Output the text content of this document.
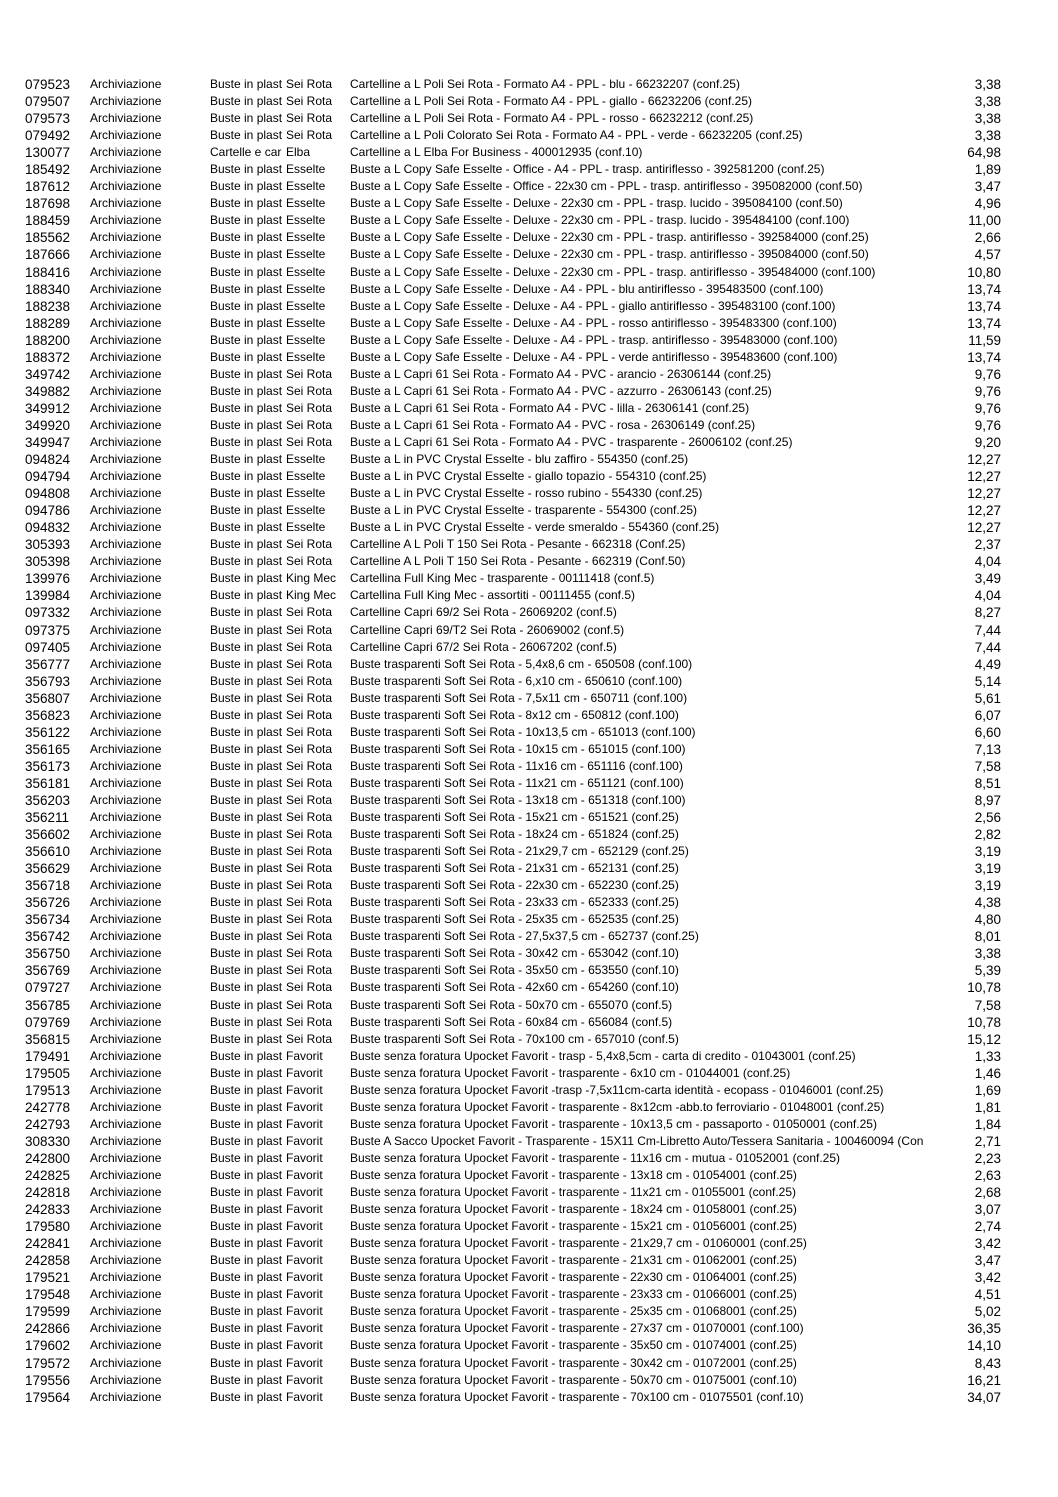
079523	Archiviazione	Buste in plast Sei Rota	Cartelline a L Poli Sei Rota - Formato A4 - PPL - blu - 66232207 (conf.25)	3,38
079507	Archiviazione	Buste in plast Sei Rota	Cartelline a L Poli Sei Rota - Formato A4 - PPL - giallo - 66232206 (conf.25)	3,38
079573	Archiviazione	Buste in plast Sei Rota	Cartelline a L Poli Sei Rota - Formato A4 - PPL - rosso - 66232212 (conf.25)	3,38
079492	Archiviazione	Buste in plast Sei Rota	Cartelline a L Poli Colorato Sei Rota - Formato A4 - PPL - verde - 66232205 (conf.25)	3,38
130077	Archiviazione	Cartelle e car Elba	Cartelline a L Elba For Business - 400012935 (conf.10)	64,98
185492	Archiviazione	Buste in plast Esselte	Buste a L Copy Safe Esselte - Office - A4 - PPL - trasp. antiriflesso - 392581200 (conf.25)	1,89
187612	Archiviazione	Buste in plast Esselte	Buste a L Copy Safe Esselte - Office - 22x30 cm - PPL - trasp. antiriflesso - 395082000 (conf.50)	3,47
187698	Archiviazione	Buste in plast Esselte	Buste a L Copy Safe Esselte - Deluxe - 22x30 cm - PPL - trasp. lucido - 395084100 (conf.50)	4,96
188459	Archiviazione	Buste in plast Esselte	Buste a L Copy Safe Esselte - Deluxe - 22x30 cm - PPL - trasp. lucido - 395484100 (conf.100)	11,00
185562	Archiviazione	Buste in plast Esselte	Buste a L Copy Safe Esselte - Deluxe - 22x30 cm - PPL - trasp. antiriflesso - 392584000 (conf.25)	2,66
187666	Archiviazione	Buste in plast Esselte	Buste a L Copy Safe Esselte - Deluxe - 22x30 cm - PPL - trasp. antiriflesso - 395084000 (conf.50)	4,57
188416	Archiviazione	Buste in plast Esselte	Buste a L Copy Safe Esselte - Deluxe - 22x30 cm - PPL - trasp. antiriflesso - 395484000 (conf.100)	10,80
188340	Archiviazione	Buste in plast Esselte	Buste a L Copy Safe Esselte - Deluxe - A4 - PPL - blu antiriflesso - 395483500 (conf.100)	13,74
188238	Archiviazione	Buste in plast Esselte	Buste a L Copy Safe Esselte - Deluxe - A4 - PPL - giallo antiriflesso - 395483100 (conf.100)	13,74
188289	Archiviazione	Buste in plast Esselte	Buste a L Copy Safe Esselte - Deluxe - A4 - PPL - rosso antiriflesso - 395483300 (conf.100)	13,74
188200	Archiviazione	Buste in plast Esselte	Buste a L Copy Safe Esselte - Deluxe - A4 - PPL - trasp. antiriflesso - 395483000 (conf.100)	11,59
188372	Archiviazione	Buste in plast Esselte	Buste a L Copy Safe Esselte - Deluxe - A4 - PPL - verde antiriflesso - 395483600 (conf.100)	13,74
349742	Archiviazione	Buste in plast Sei Rota	Buste a L Capri 61 Sei Rota - Formato A4 - PVC - arancio - 26306144 (conf.25)	9,76
349882	Archiviazione	Buste in plast Sei Rota	Buste a L Capri 61 Sei Rota - Formato A4 - PVC - azzurro - 26306143 (conf.25)	9,76
349912	Archiviazione	Buste in plast Sei Rota	Buste a L Capri 61 Sei Rota - Formato A4 - PVC - lilla - 26306141 (conf.25)	9,76
349920	Archiviazione	Buste in plast Sei Rota	Buste a L Capri 61 Sei Rota - Formato A4 - PVC - rosa - 26306149 (conf.25)	9,76
349947	Archiviazione	Buste in plast Sei Rota	Buste a L Capri 61 Sei Rota - Formato A4 - PVC - trasparente - 26006102 (conf.25)	9,20
094824	Archiviazione	Buste in plast Esselte	Buste a L in PVC Crystal Esselte - blu zaffiro - 554350 (conf.25)	12,27
094794	Archiviazione	Buste in plast Esselte	Buste a L in PVC Crystal Esselte - giallo topazio - 554310 (conf.25)	12,27
094808	Archiviazione	Buste in plast Esselte	Buste a L in PVC Crystal Esselte - rosso rubino - 554330 (conf.25)	12,27
094786	Archiviazione	Buste in plast Esselte	Buste a L in PVC Crystal Esselte - trasparente - 554300 (conf.25)	12,27
094832	Archiviazione	Buste in plast Esselte	Buste a L in PVC Crystal Esselte - verde smeraldo - 554360 (conf.25)	12,27
305393	Archiviazione	Buste in plast Sei Rota	Cartelline A L Poli T 150 Sei Rota - Pesante - 662318 (Conf.25)	2,37
305398	Archiviazione	Buste in plast Sei Rota	Cartelline A L Poli T 150 Sei Rota - Pesante - 662319 (Conf.50)	4,04
139976	Archiviazione	Buste in plast King Mec	Cartellina Full King Mec - trasparente - 00111418 (conf.5)	3,49
139984	Archiviazione	Buste in plast King Mec	Cartellina Full King Mec - assortiti - 00111455 (conf.5)	4,04
097332	Archiviazione	Buste in plast Sei Rota	Cartelline Capri 69/2 Sei Rota - 26069202 (conf.5)	8,27
097375	Archiviazione	Buste in plast Sei Rota	Cartelline Capri 69/T2 Sei Rota - 26069002 (conf.5)	7,44
097405	Archiviazione	Buste in plast Sei Rota	Cartelline Capri 67/2 Sei Rota - 26067202 (conf.5)	7,44
356777	Archiviazione	Buste in plast Sei Rota	Buste trasparenti Soft Sei Rota - 5,4x8,6 cm - 650508 (conf.100)	4,49
356793	Archiviazione	Buste in plast Sei Rota	Buste trasparenti Soft Sei Rota - 6,x10 cm - 650610 (conf.100)	5,14
356807	Archiviazione	Buste in plast Sei Rota	Buste trasparenti Soft Sei Rota - 7,5x11 cm - 650711 (conf.100)	5,61
356823	Archiviazione	Buste in plast Sei Rota	Buste trasparenti Soft Sei Rota - 8x12 cm - 650812 (conf.100)	6,07
356122	Archiviazione	Buste in plast Sei Rota	Buste trasparenti Soft Sei Rota - 10x13,5 cm - 651013 (conf.100)	6,60
356165	Archiviazione	Buste in plast Sei Rota	Buste trasparenti Soft Sei Rota - 10x15 cm - 651015 (conf.100)	7,13
356173	Archiviazione	Buste in plast Sei Rota	Buste trasparenti Soft Sei Rota - 11x16 cm - 651116 (conf.100)	7,58
356181	Archiviazione	Buste in plast Sei Rota	Buste trasparenti Soft Sei Rota - 11x21 cm - 651121 (conf.100)	8,51
356203	Archiviazione	Buste in plast Sei Rota	Buste trasparenti Soft Sei Rota - 13x18 cm - 651318 (conf.100)	8,97
356211	Archiviazione	Buste in plast Sei Rota	Buste trasparenti Soft Sei Rota - 15x21 cm - 651521 (conf.25)	2,56
356602	Archiviazione	Buste in plast Sei Rota	Buste trasparenti Soft Sei Rota - 18x24 cm - 651824 (conf.25)	2,82
356610	Archiviazione	Buste in plast Sei Rota	Buste trasparenti Soft Sei Rota - 21x29,7 cm - 652129 (conf.25)	3,19
356629	Archiviazione	Buste in plast Sei Rota	Buste trasparenti Soft Sei Rota - 21x31 cm - 652131 (conf.25)	3,19
356718	Archiviazione	Buste in plast Sei Rota	Buste trasparenti Soft Sei Rota - 22x30 cm - 652230 (conf.25)	3,19
356726	Archiviazione	Buste in plast Sei Rota	Buste trasparenti Soft Sei Rota - 23x33 cm - 652333 (conf.25)	4,38
356734	Archiviazione	Buste in plast Sei Rota	Buste trasparenti Soft Sei Rota - 25x35 cm - 652535 (conf.25)	4,80
356742	Archiviazione	Buste in plast Sei Rota	Buste trasparenti Soft Sei Rota - 27,5x37,5 cm - 652737 (conf.25)	8,01
356750	Archiviazione	Buste in plast Sei Rota	Buste trasparenti Soft Sei Rota - 30x42 cm - 653042 (conf.10)	3,38
356769	Archiviazione	Buste in plast Sei Rota	Buste trasparenti Soft Sei Rota - 35x50 cm - 653550 (conf.10)	5,39
079727	Archiviazione	Buste in plast Sei Rota	Buste trasparenti Soft Sei Rota - 42x60 cm - 654260 (conf.10)	10,78
356785	Archiviazione	Buste in plast Sei Rota	Buste trasparenti Soft Sei Rota - 50x70 cm - 655070 (conf.5)	7,58
079769	Archiviazione	Buste in plast Sei Rota	Buste trasparenti Soft Sei Rota - 60x84 cm - 656084 (conf.5)	10,78
356815	Archiviazione	Buste in plast Sei Rota	Buste trasparenti Soft Sei Rota - 70x100 cm - 657010 (conf.5)	15,12
179491	Archiviazione	Buste in plast Favorit	Buste senza foratura Upocket Favorit - trasp - 5,4x8,5cm - carta di credito - 01043001 (conf.25)	1,33
179505	Archiviazione	Buste in plast Favorit	Buste senza foratura Upocket Favorit - trasparente - 6x10 cm - 01044001 (conf.25)	1,46
179513	Archiviazione	Buste in plast Favorit	Buste senza foratura Upocket Favorit -trasp -7,5x11cm-carta identità - ecopass - 01046001 (conf.25)	1,69
242778	Archiviazione	Buste in plast Favorit	Buste senza foratura Upocket Favorit - trasparente - 8x12cm -abb.to ferroviario - 01048001 (conf.25)	1,81
242793	Archiviazione	Buste in plast Favorit	Buste senza foratura Upocket Favorit - trasparente - 10x13,5 cm - passaporto - 01050001 (conf.25)	1,84
308330	Archiviazione	Buste in plast Favorit	Buste A Sacco Upocket Favorit - Trasparente - 15X11 Cm-Libretto Auto/Tessera Sanitaria - 100460094 (Con	2,71
242800	Archiviazione	Buste in plast Favorit	Buste senza foratura Upocket Favorit - trasparente - 11x16 cm - mutua - 01052001 (conf.25)	2,23
242825	Archiviazione	Buste in plast Favorit	Buste senza foratura Upocket Favorit - trasparente - 13x18 cm - 01054001 (conf.25)	2,63
242818	Archiviazione	Buste in plast Favorit	Buste senza foratura Upocket Favorit - trasparente - 11x21 cm - 01055001 (conf.25)	2,68
242833	Archiviazione	Buste in plast Favorit	Buste senza foratura Upocket Favorit - trasparente - 18x24 cm - 01058001 (conf.25)	3,07
179580	Archiviazione	Buste in plast Favorit	Buste senza foratura Upocket Favorit - trasparente - 15x21 cm - 01056001 (conf.25)	2,74
242841	Archiviazione	Buste in plast Favorit	Buste senza foratura Upocket Favorit - trasparente - 21x29,7 cm - 01060001 (conf.25)	3,42
242858	Archiviazione	Buste in plast Favorit	Buste senza foratura Upocket Favorit - trasparente - 21x31 cm - 01062001 (conf.25)	3,47
179521	Archiviazione	Buste in plast Favorit	Buste senza foratura Upocket Favorit - trasparente - 22x30 cm - 01064001 (conf.25)	3,42
179548	Archiviazione	Buste in plast Favorit	Buste senza foratura Upocket Favorit - trasparente - 23x33 cm - 01066001 (conf.25)	4,51
179599	Archiviazione	Buste in plast Favorit	Buste senza foratura Upocket Favorit - trasparente - 25x35 cm - 01068001 (conf.25)	5,02
242866	Archiviazione	Buste in plast Favorit	Buste senza foratura Upocket Favorit - trasparente - 27x37 cm - 01070001 (conf.100)	36,35
179602	Archiviazione	Buste in plast Favorit	Buste senza foratura Upocket Favorit - trasparente - 35x50 cm - 01074001 (conf.25)	14,10
179572	Archiviazione	Buste in plast Favorit	Buste senza foratura Upocket Favorit - trasparente - 30x42 cm - 01072001 (conf.25)	8,43
179556	Archiviazione	Buste in plast Favorit	Buste senza foratura Upocket Favorit - trasparente - 50x70 cm - 01075001 (conf.10)	16,21
179564	Archiviazione	Buste in plast Favorit	Buste senza foratura Upocket Favorit - trasparente - 70x100 cm - 01075501 (conf.10)	34,07
